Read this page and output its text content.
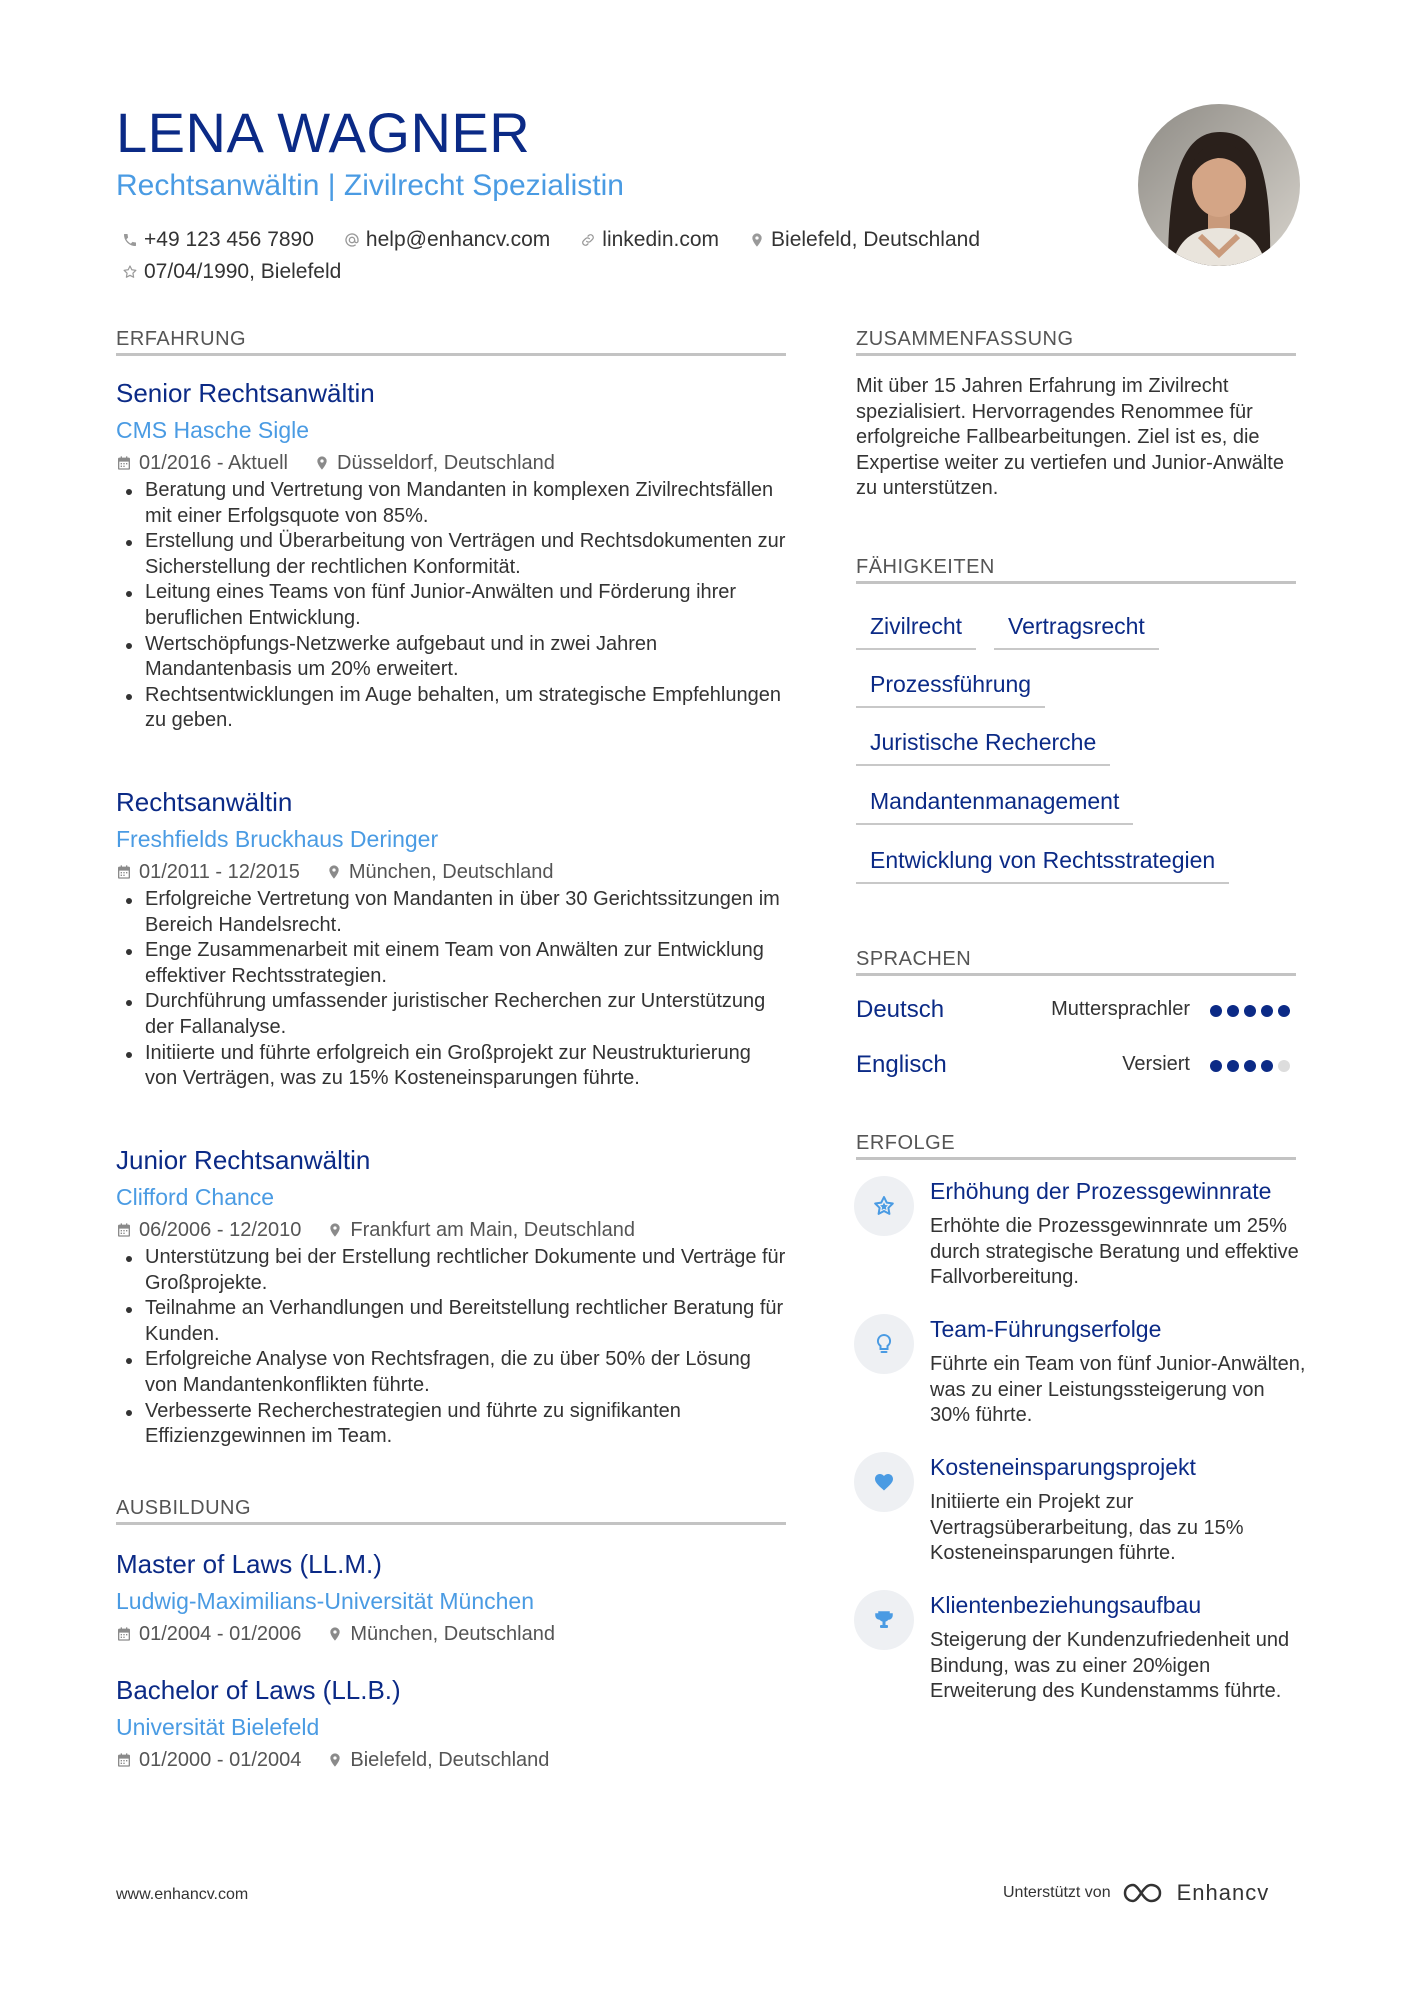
LENA WAGNER
Rechtsanwältin | Zivilrecht Spezialistin
+49 123 456 7890 help@enhancv.com linkedin.com Bielefeld, Deutschland
07/04/1990, Bielefeld
ERFAHRUNG
Senior Rechtsanwältin
CMS Hasche Sigle
01/2016 - Aktuell Düsseldorf, Deutschland
Beratung und Vertretung von Mandanten in komplexen Zivilrechtsfällen mit einer Erfolgsquote von 85%.
Erstellung und Überarbeitung von Verträgen und Rechtsdokumenten zur Sicherstellung der rechtlichen Konformität.
Leitung eines Teams von fünf Junior-Anwälten und Förderung ihrer beruflichen Entwicklung.
Wertschöpfungs-Netzwerke aufgebaut und in zwei Jahren Mandantenbasis um 20% erweitert.
Rechtsentwicklungen im Auge behalten, um strategische Empfehlungen zu geben.
Rechtsanwältin
Freshfields Bruckhaus Deringer
01/2011 - 12/2015 München, Deutschland
Erfolgreiche Vertretung von Mandanten in über 30 Gerichtssitzungen im Bereich Handelsrecht.
Enge Zusammenarbeit mit einem Team von Anwälten zur Entwicklung effektiver Rechtsstrategien.
Durchführung umfassender juristischer Recherchen zur Unterstützung der Fallanalyse.
Initiierte und führte erfolgreich ein Großprojekt zur Neustrukturierung von Verträgen, was zu 15% Kosteneinsparungen führte.
Junior Rechtsanwältin
Clifford Chance
06/2006 - 12/2010 Frankfurt am Main, Deutschland
Unterstützung bei der Erstellung rechtlicher Dokumente und Verträge für Großprojekte.
Teilnahme an Verhandlungen und Bereitstellung rechtlicher Beratung für Kunden.
Erfolgreiche Analyse von Rechtsfragen, die zu über 50% der Lösung von Mandantenkonflikten führte.
Verbesserte Recherchestrategien und führte zu signifikanten Effizienzgewinnen im Team.
AUSBILDUNG
Master of Laws (LL.M.)
Ludwig-Maximilians-Universität München
01/2004 - 01/2006 München, Deutschland
Bachelor of Laws (LL.B.)
Universität Bielefeld
01/2000 - 01/2004 Bielefeld, Deutschland
ZUSAMMENFASSUNG
Mit über 15 Jahren Erfahrung im Zivilrecht spezialisiert. Hervorragendes Renommee für erfolgreiche Fallbearbeitungen. Ziel ist es, die Expertise weiter zu vertiefen und Junior-Anwälte zu unterstützen.
FÄHIGKEITEN
Zivilrecht	Vertragsrecht
Prozessführung
Juristische Recherche
Mandantenmanagement
Entwicklung von Rechtsstrategien
SPRACHEN
Deutsch	Muttersprachler
Englisch	Versiert
ERFOLGE
Erhöhung der Prozessgewinnrate
Erhöhte die Prozessgewinnrate um 25% durch strategische Beratung und effektive Fallvorbereitung.
Team-Führungserfolge
Führte ein Team von fünf Junior-Anwälten, was zu einer Leistungssteigerung von 30% führte.
Kosteneinsparungsprojekt
Initiierte ein Projekt zur Vertragsüberarbeitung, das zu 15% Kosteneinsparungen führte.
Klientenbeziehungsaufbau
Steigerung der Kundenzufriedenheit und Bindung, was zu einer 20%igen Erweiterung des Kundenstamms führte.
www.enhancv.com	Unterstützt von	Enhancv
